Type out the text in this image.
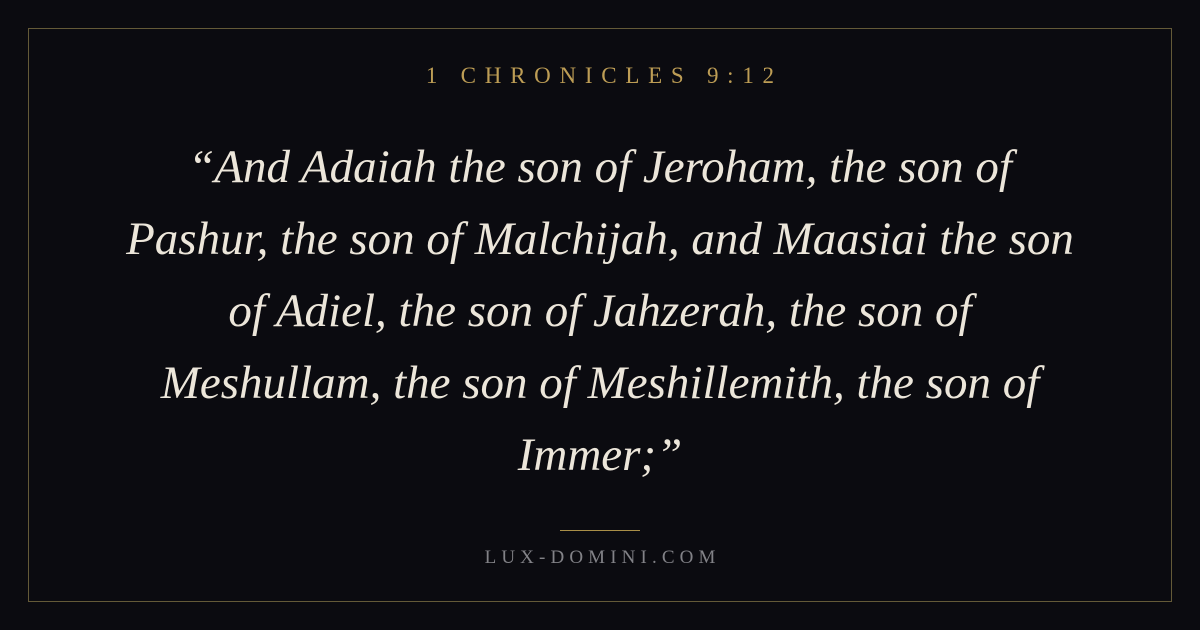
1 CHRONICLES 9:12
“And Adaiah the son of Jeroham, the son of
Pashur, the son of Malchijah, and Maasiai the son
of Adiel, the son of Jahzerah, the son of
Meshullam, the son of Meshillemith, the son of
Immer;”
LUX-DOMINI.COM
